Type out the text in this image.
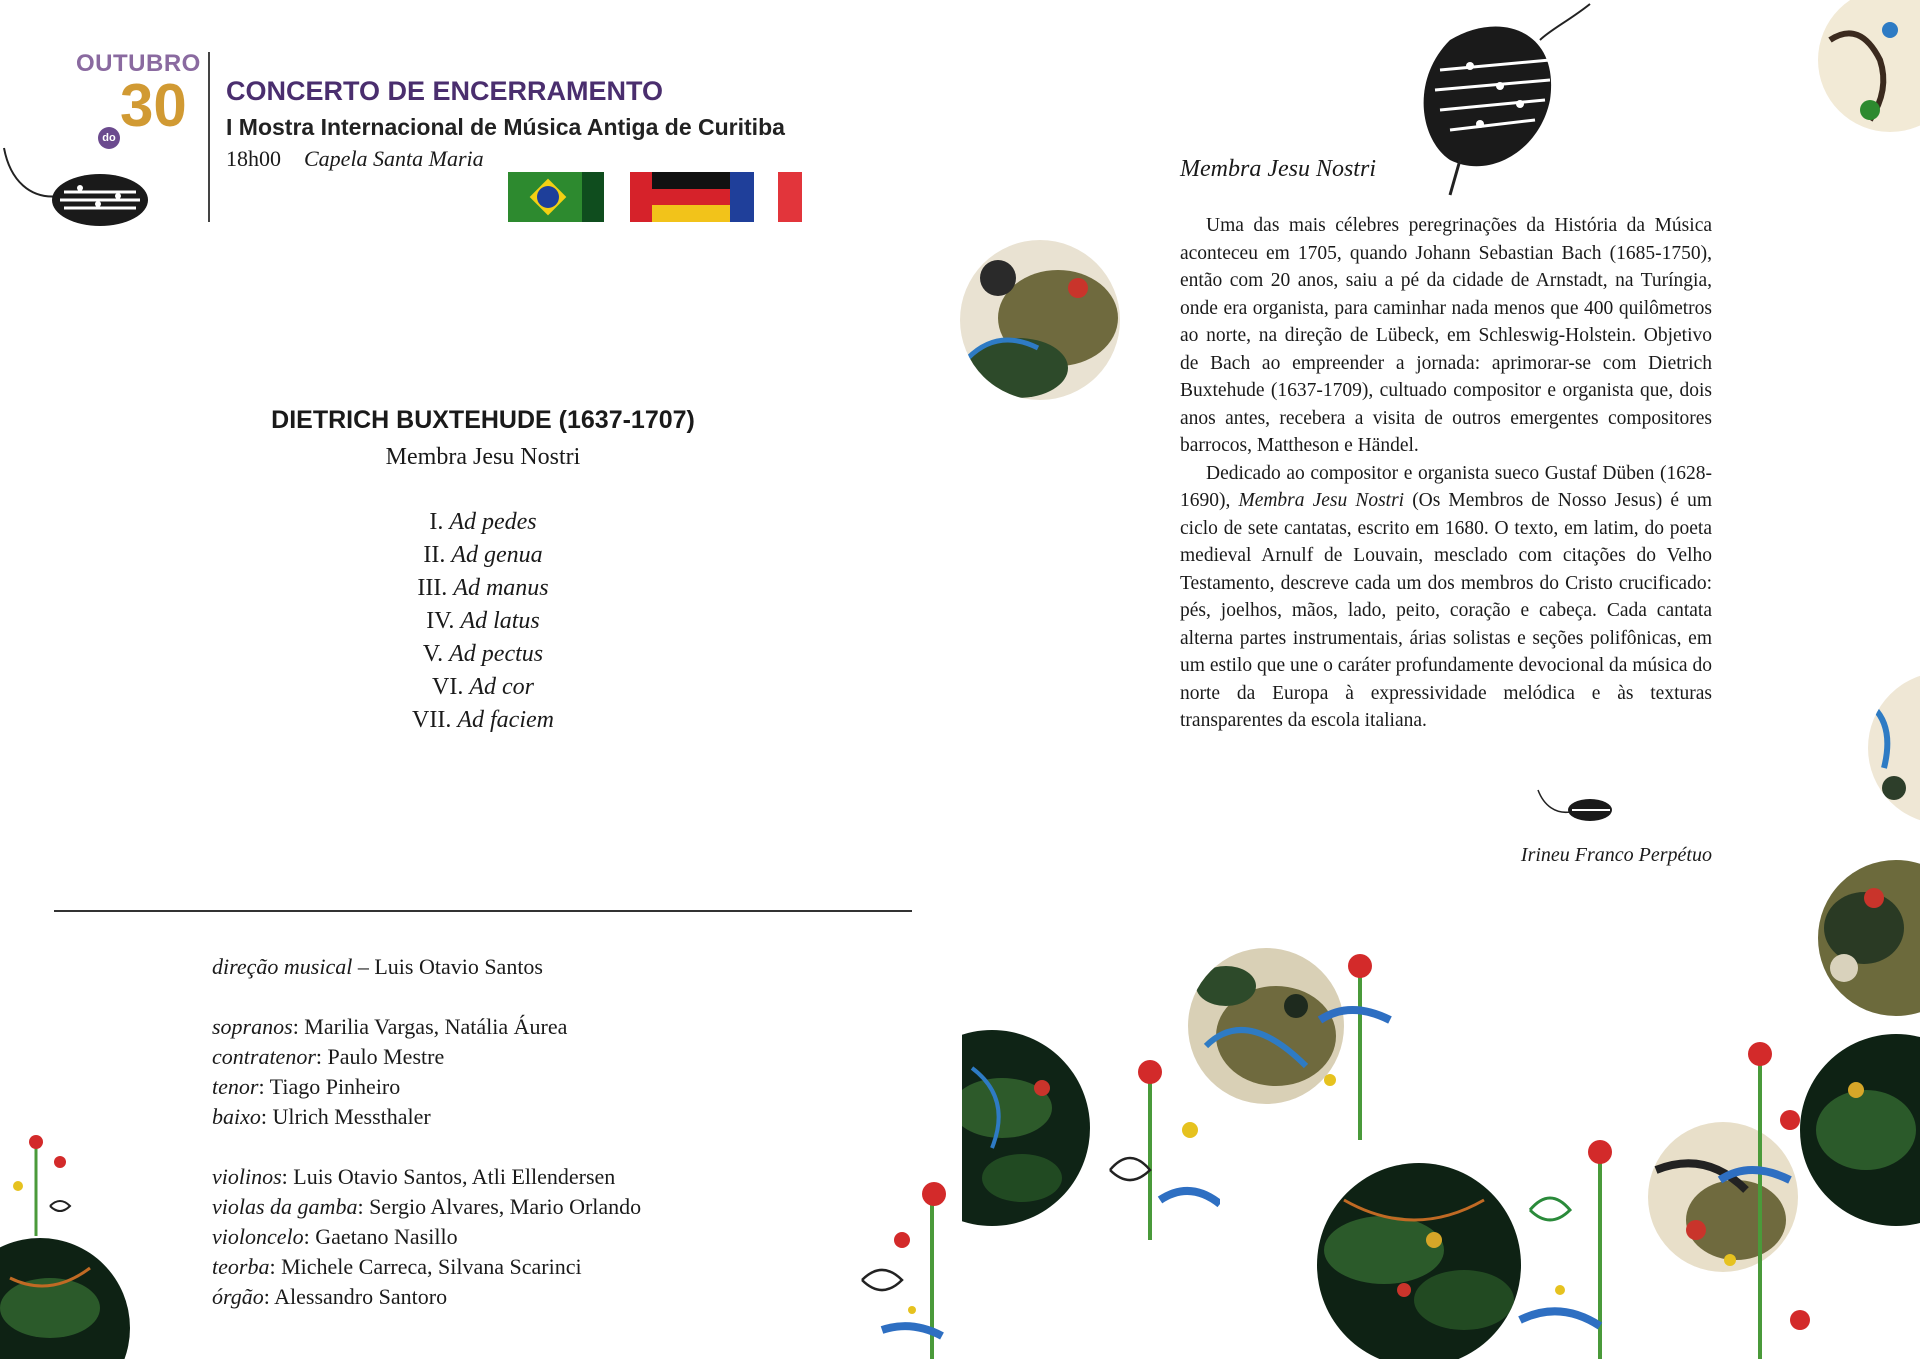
OUTUBRO
30
do
CONCERTO DE ENCERRAMENTO
I Mostra Internacional de Música Antiga de Curitiba
18h00 Capela Santa Maria
DIETRICH BUXTEHUDE (1637-1707)
Membra Jesu Nostri
I. Ad pedes
II. Ad genua
III. Ad manus
IV. Ad latus
V. Ad pectus
VI. Ad cor
VII. Ad faciem
direção musical – Luis Otavio Santos
sopranos: Marilia Vargas, Natália Áurea
contratenor: Paulo Mestre
tenor: Tiago Pinheiro
baixo: Ulrich Messthaler
violinos: Luis Otavio Santos, Atli Ellendersen
violas da gamba: Sergio Alvares, Mario Orlando
violoncelo: Gaetano Nasillo
teorba: Michele Carreca, Silvana Scarinci
órgão: Alessandro Santoro
Membra Jesu Nostri

Uma das mais célebres peregrinações da História da Música aconteceu em 1705, quando Johann Sebastian Bach (1685-1750), então com 20 anos, saiu a pé da cidade de Arnstadt, na Turíngia, onde era organista, para caminhar nada menos que 400 quilômetros ao norte, na direção de Lübeck, em Schleswig-Holstein. Objetivo de Bach ao empreender a jornada: aprimorar-se com Dietrich Buxtehude (1637-1709), cultuado compositor e organista que, dois anos antes, recebera a visita de outros emergentes compositores barrocos, Mattheson e Händel.

Dedicado ao compositor e organista sueco Gustaf Düben (1628-1690), Membra Jesu Nostri (Os Membros de Nosso Jesus) é um ciclo de sete cantatas, escrito em 1680. O texto, em latim, do poeta medieval Arnulf de Louvain, mesclado com citações do Velho Testamento, descreve cada um dos membros do Cristo crucificado: pés, joelhos, mãos, lado, peito, coração e cabeça. Cada cantata alterna partes instrumentais, árias solistas e seções polifônicas, em um estilo que une o caráter profundamente devocional da música do norte da Europa à expressividade melódica e às texturas transparentes da escola italiana.

Irineu Franco Perpétuo
